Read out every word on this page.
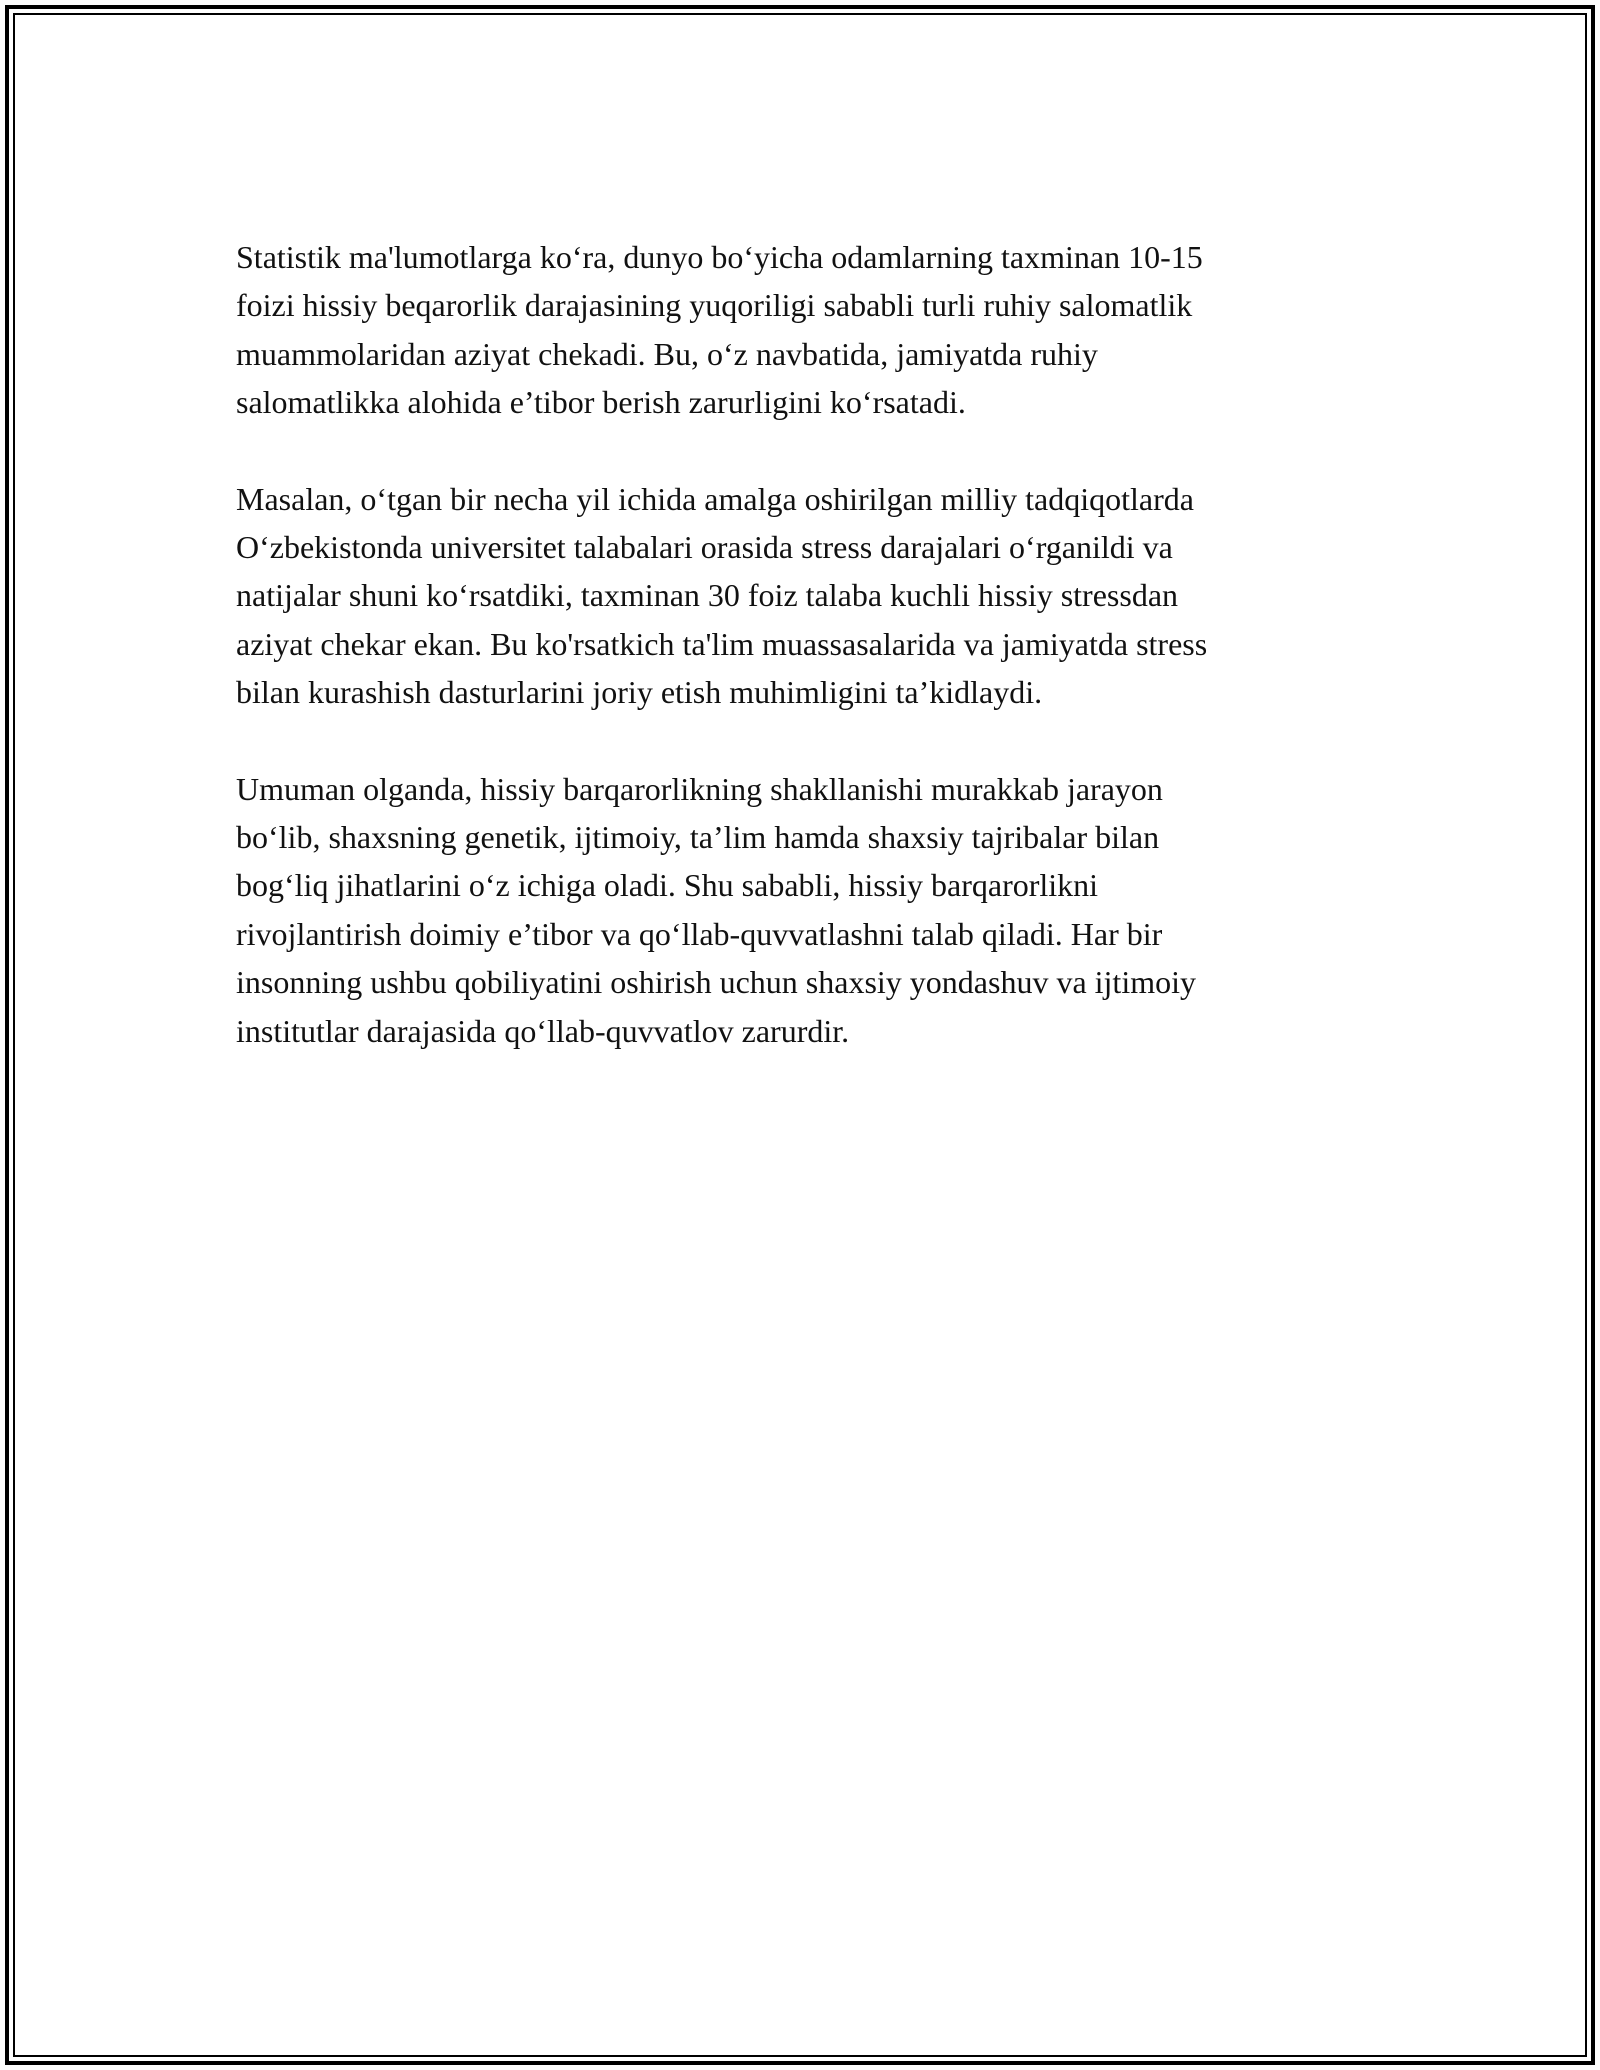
Statistik ma'lumotlarga ko‘ra, dunyo bo‘yicha odamlarning taxminan 10-15
foizi hissiy beqarorlik darajasining yuqoriligi sababli turli ruhiy salomatlik
muammolaridan aziyat chekadi. Bu, o‘z navbatida, jamiyatda ruhiy
salomatlikka alohida e’tibor berish zarurligini ko‘rsatadi.

Masalan, o‘tgan bir necha yil ichida amalga oshirilgan milliy tadqiqotlarda
O‘zbekistonda universitet talabalari orasida stress darajalari o‘rganildi va
natijalar shuni ko‘rsatdiki, taxminan 30 foiz talaba kuchli hissiy stressdan
aziyat chekar ekan. Bu ko'rsatkich ta'lim muassasalarida va jamiyatda stress
bilan kurashish dasturlarini joriy etish muhimligini ta’kidlaydi.

Umuman olganda, hissiy barqarorlikning shakllanishi murakkab jarayon
bo‘lib, shaxsning genetik, ijtimoiy, ta’lim hamda shaxsiy tajribalar bilan
bog‘liq jihatlarini o‘z ichiga oladi. Shu sababli, hissiy barqarorlikni
rivojlantirish doimiy e’tibor va qo‘llab-quvvatlashni talab qiladi. Har bir
insonning ushbu qobiliyatini oshirish uchun shaxsiy yondashuv va ijtimoiy
institutlar darajasida qo‘llab-quvvatlov zarurdir.
